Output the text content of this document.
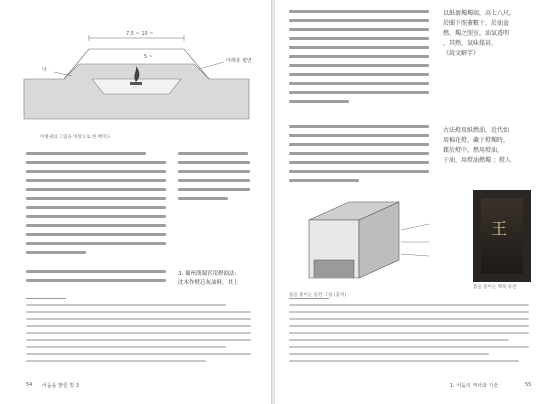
7.5 ~ 10 ~
아래층 평면
나
5 ~
이병권의 그림을 바탕으로 한 배치도
3. 蜀州漢蜀宮用燈油法:
沈木作燈芯灰油料，其上
54 어둠을 밝힌 빛 3
以紙裹燭燭端，高七八尺，
於闇下照蓋數十，於油盆
燃，燭之照室，油氣透明
，其熱，氣味煤甚，
《說文解字》
古法燈用紙燃油，近代始
用棉花燈，藏于燈燭時，
藉於燈中，燃用燈油，
于油，用燈油燃燭 ；燈人
불을 붙이는 등잔 그림 (출처)
王
불을 불이는 백목 등잔
1. 어둠의 역사와 기술	55
